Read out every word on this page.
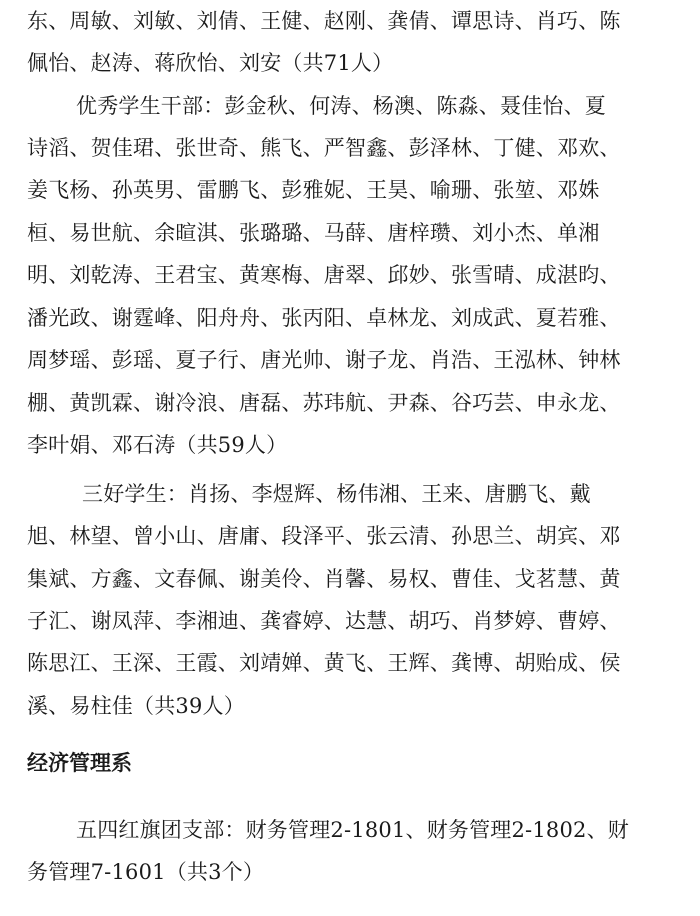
东、周敏、刘敏、刘倩、王健、赵刚、龚倩、谭思诗、肖巧、陈
佩怡、赵涛、蒋欣怡、刘安（共71人）
优秀学生干部：彭金秋、何涛、杨澳、陈淼、聂佳怡、夏
诗滔、贺佳珺、张世奇、熊飞、严智鑫、彭泽林、丁健、邓欢、
姜飞杨、孙英男、雷鹏飞、彭雅妮、王昊、喻珊、张堃、邓姝
桓、易世航、余暄淇、张璐璐、马薛、唐梓瓒、刘小杰、单湘
明、刘乾涛、王君宝、黄寒梅、唐翠、邱妙、张雪晴、成湛昀、
潘光政、谢霆峰、阳舟舟、张丙阳、卓林龙、刘成武、夏若雅、
周梦瑶、彭瑶、夏子行、唐光帅、谢子龙、肖浩、王泓林、钟林
棚、黄凯霖、谢冷浪、唐磊、苏玮航、尹森、谷巧芸、申永龙、
李叶娟、邓石涛（共59人）
三好学生：肖扬、李煜辉、杨伟湘、王来、唐鹏飞、戴
旭、林望、曾小山、唐庸、段泽平、张云清、孙思兰、胡宾、邓
集斌、方鑫、文春佩、谢美伶、肖馨、易权、曹佳、戈茗慧、黄
子汇、谢凤萍、李湘迪、龚睿婷、达慧、胡巧、肖梦婷、曹婷、
陈思江、王深、王霞、刘靖婵、黄飞、王辉、龚博、胡贻成、侯
溪、易柱佳（共39人）
经济管理系
五四红旗团支部：财务管理2-1801、财务管理2-1802、财
务管理7-1601（共3个）
